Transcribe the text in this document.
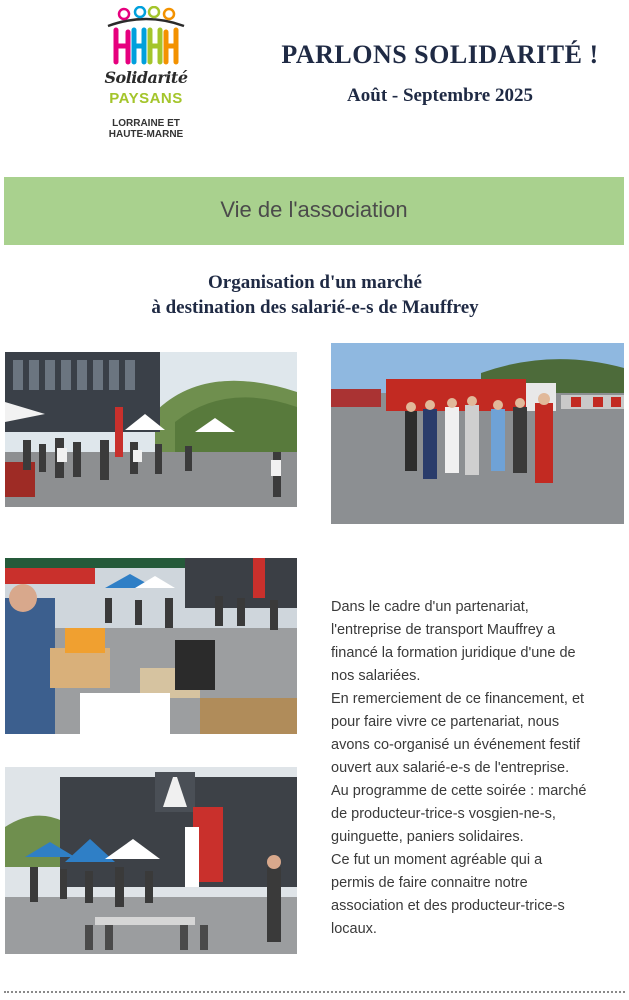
Solidarité
PAYSANS
LORRAINE ET
HAUTE-MARNE
PARLONS SOLIDARITÉ !
Août - Septembre 2025
Vie de l'association
Organisation d'un marché
à destination des salarié-e-s de Mauffrey

Dans le cadre d'un partenariat,

l'entreprise de transport Mauffrey a

financé la formation juridique d'une de

nos salariées.

En remerciement de ce financement, et

pour faire vivre ce partenariat, nous

avons co-organisé un événement festif

ouvert aux salarié-e-s de l'entreprise.

Au programme de cette soirée : marché

de producteur-trice-s vosgien-ne-s,

guinguette, paniers solidaires.

Ce fut un moment agréable qui a

permis de faire connaitre notre

association et des producteur-trice-s

locaux.
